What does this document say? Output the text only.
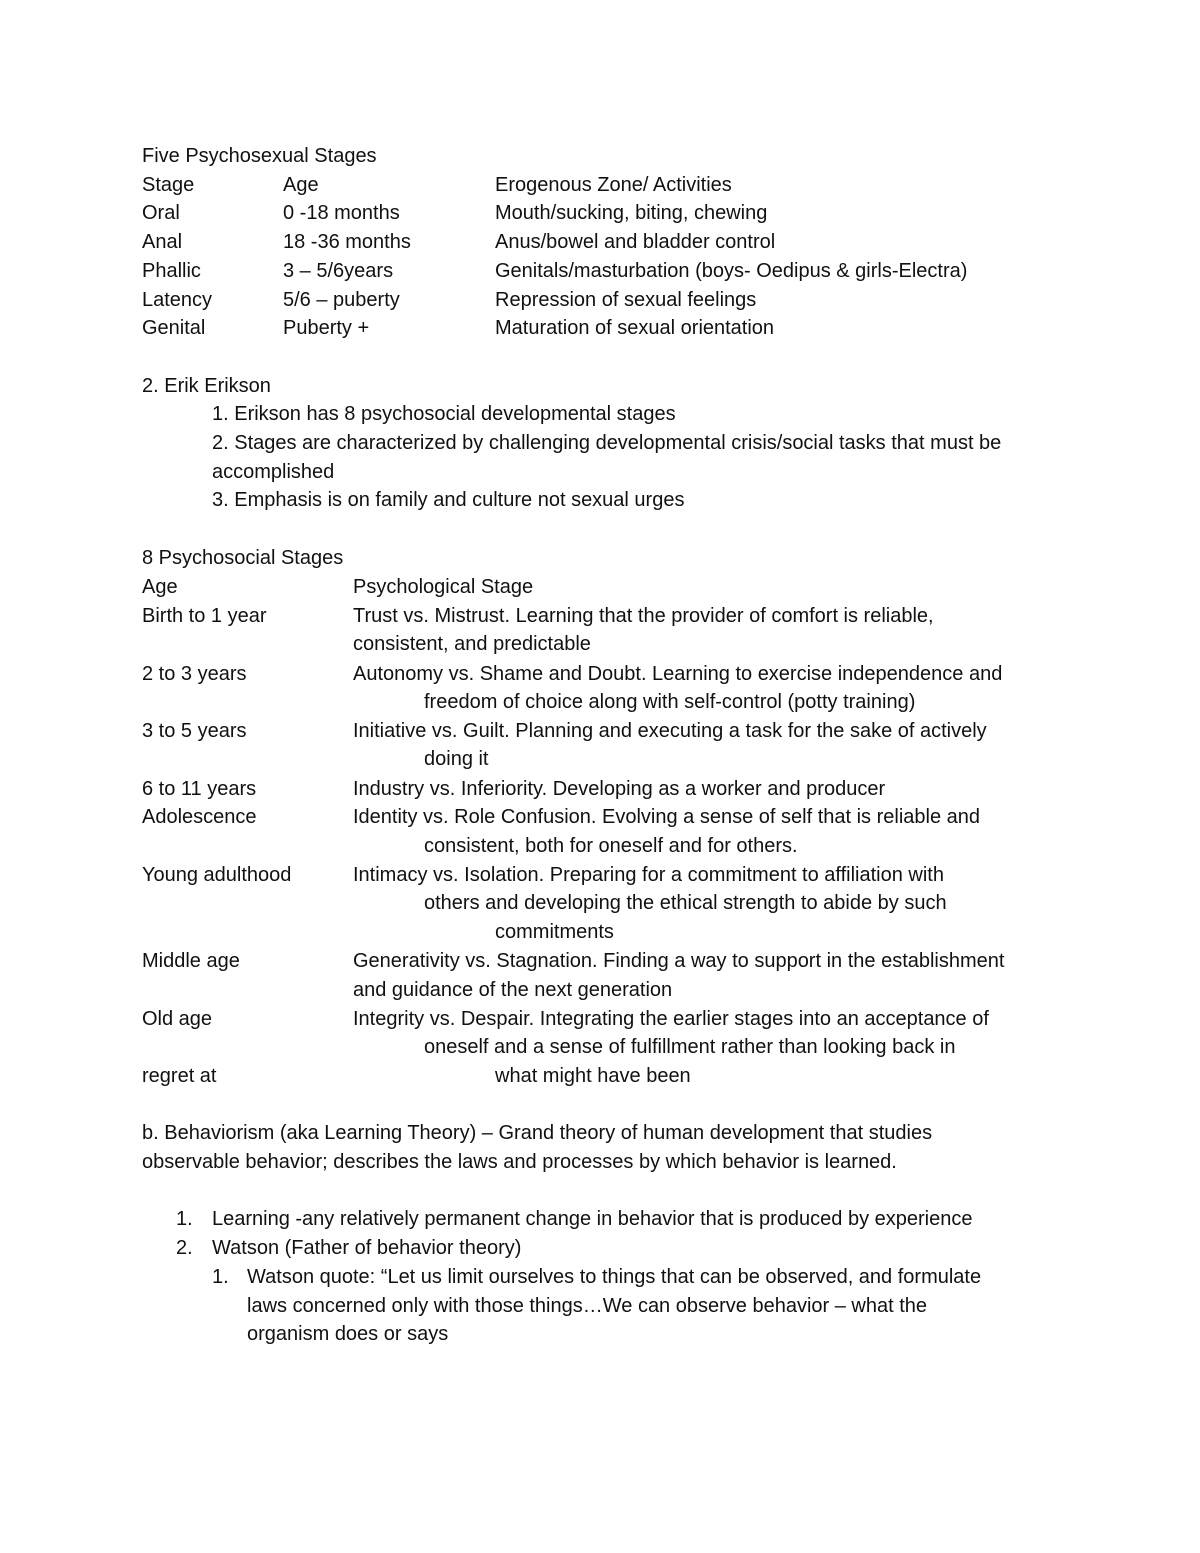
Five Psychosexual Stages
Stage	Age	Erogenous Zone/ Activities
Oral	0 -18 months	Mouth/sucking, biting, chewing
Anal	18 -36 months	Anus/bowel and bladder control
Phallic	3 – 5/6years	Genitals/masturbation (boys- Oedipus & girls-Electra)
Latency	5/6 – puberty	Repression of sexual feelings
Genital	Puberty +	Maturation of sexual orientation
2. Erik Erikson
1. Erikson has 8 psychosocial developmental stages
2. Stages are characterized by challenging developmental crisis/social tasks that must be
accomplished
3. Emphasis is on family and culture not sexual urges
8 Psychosocial Stages
Age	Psychological Stage
Birth to 1 year	Trust vs. Mistrust. Learning that the provider of comfort is reliable,
consistent, and predictable
2 to 3 years	Autonomy vs. Shame and Doubt. Learning to exercise independence and
freedom of choice along with self-control (potty training)
3 to 5 years	Initiative vs. Guilt. Planning and executing a task for the sake of actively
doing it
6 to 11 years	Industry vs. Inferiority. Developing as a worker and producer
Adolescence	Identity vs. Role Confusion. Evolving a sense of self that is reliable and
consistent, both for oneself and for others.
Young adulthood	Intimacy vs. Isolation. Preparing for a commitment to affiliation with
others and developing the ethical strength to abide by such
commitments
Middle age	Generativity vs. Stagnation. Finding a way to support in the establishment
and guidance of the next generation
Old age	Integrity vs. Despair. Integrating the earlier stages into an acceptance of
oneself and a sense of fulfillment rather than looking back in
regret at	what might have been
b. Behaviorism (aka Learning Theory) – Grand theory of human development that studies
observable behavior; describes the laws and processes by which behavior is learned.
1. Learning -any relatively permanent change in behavior that is produced by experience
2. Watson (Father of behavior theory)
1. Watson quote: “Let us limit ourselves to things that can be observed, and formulate
laws concerned only with those things…We can observe behavior – what the
organism does or says
